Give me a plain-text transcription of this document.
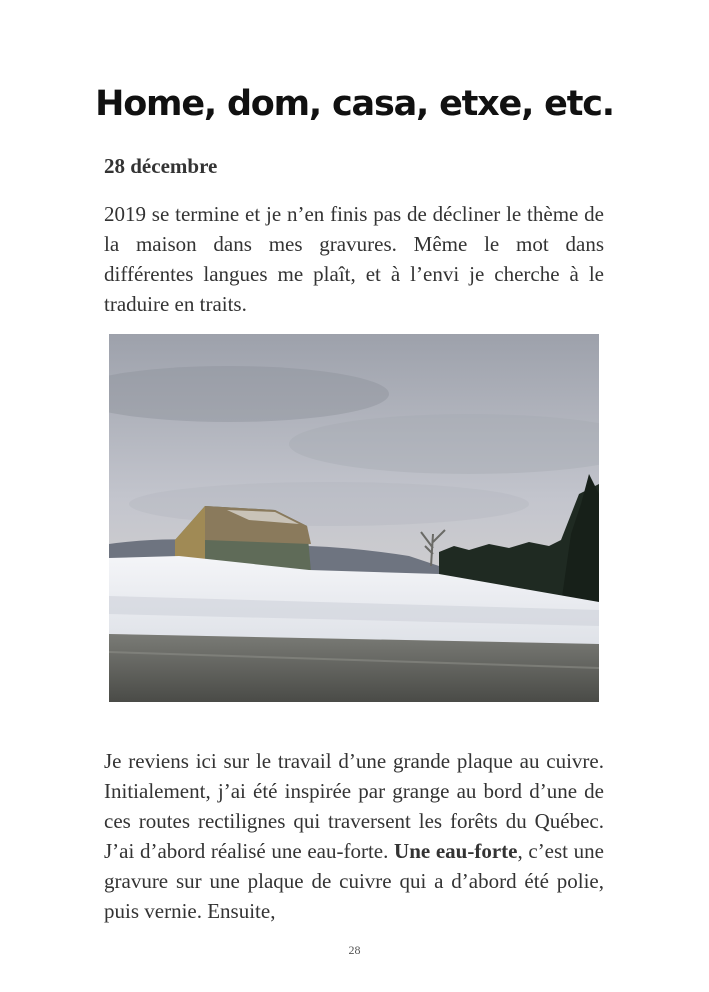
Home, dom, casa, etxe, etc.
28 décembre

2019 se termine et je n’en finis pas de décliner le thème de la maison dans mes gravures. Même le mot dans différentes langues me plaît, et à l’envi je cherche à le traduire en traits.

Je reviens ici sur le travail d’une grande plaque au cuivre. Initialement, j’ai été inspirée par grange au bord d’une de ces routes rectilignes qui traversent les forêts du Québec. J’ai d’abord réalisé une eau-forte. Une eau-forte, c’est une gravure sur une plaque de cuivre qui a d’abord été polie, puis vernie. Ensuite,

28
